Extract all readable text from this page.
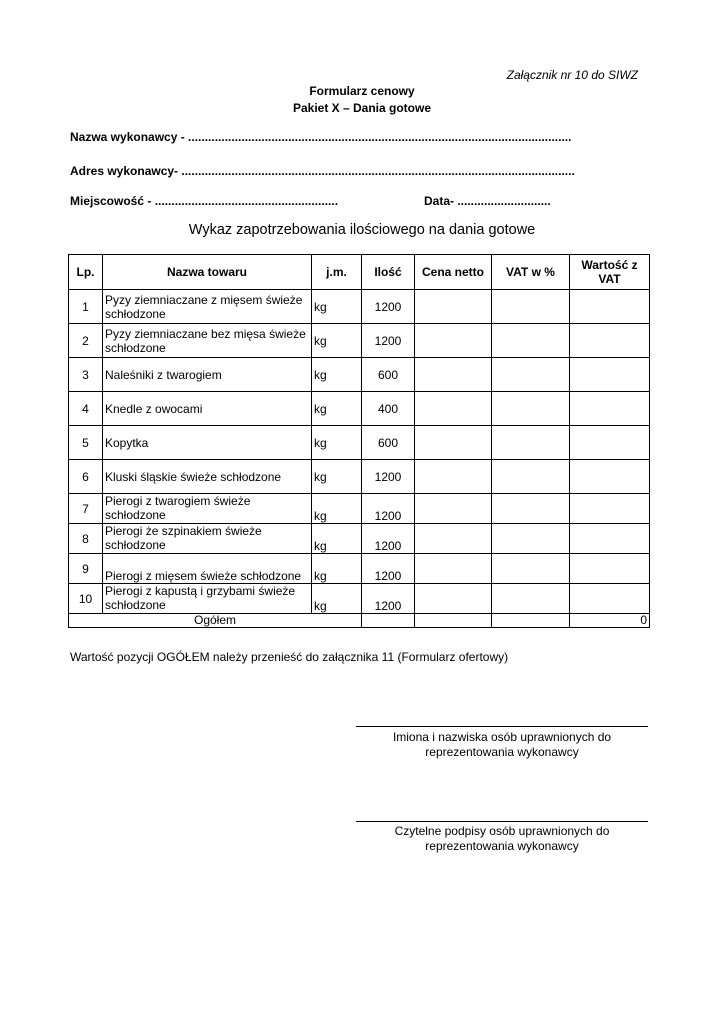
Załącznik nr 10 do SIWZ
Formularz cenowy
Pakiet X – Dania gotowe
Nazwa wykonawcy - ...................................................................................................................
Adres wykonawcy- ......................................................................................................................
Miejscowość - .......................................................	Data- ............................
Wykaz zapotrzebowania ilościowego na dania gotowe
Lp.	Nazwa towaru	j.m.	Ilość	Cena netto	VAT w %	Wartość z VAT
1	Pyzy ziemniaczane z mięsem świeże schłodzone	kg	1200			
2	Pyzy ziemniaczane bez mięsa świeże schłodzone	kg	1200			
3	Naleśniki z twarogiem	kg	600			
4	Knedle z owocami	kg	400			
5	Kopytka	kg	600			
6	Kluski śląskie świeże schłodzone	kg	1200			
7	Pierogi z twarogiem świeże schłodzone	kg	1200			
8	Pierogi że szpinakiem świeże schłodzone	kg	1200			
9	Pierogi z mięsem świeże schłodzone	kg	1200			
10	Pierogi z kapustą i grzybami świeże schłodzone	kg	1200			
Ogółem						0
Wartość pozycji OGÓŁEM należy przenieść do załącznika 11 (Formularz ofertowy)
Imiona i nazwiska osób uprawnionych do
reprezentowania wykonawcy
Czytelne podpisy osób uprawnionych do
reprezentowania wykonawcy
